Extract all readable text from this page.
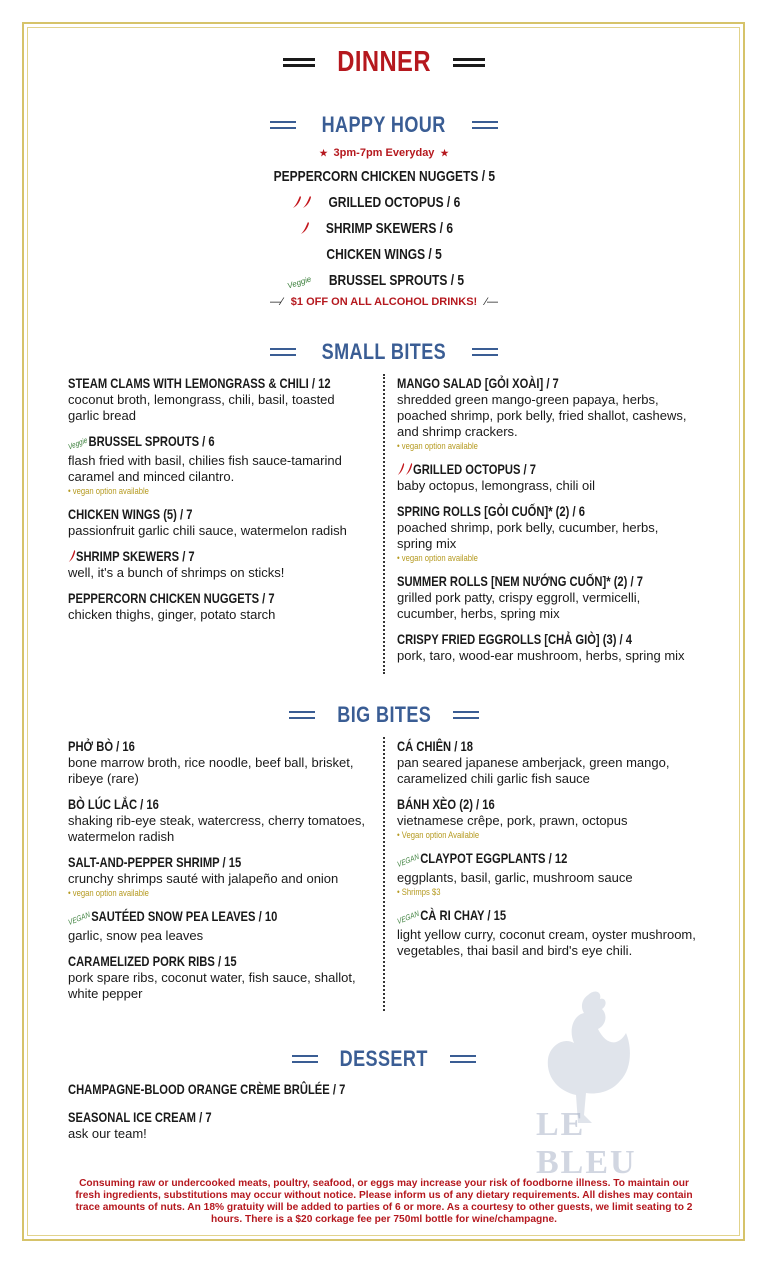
DINNER
HAPPY HOUR
★ 3pm-7pm Everyday ★
PEPPERCORN CHICKEN NUGGETS / 5
GRILLED OCTOPUS / 6
SHRIMP SKEWERS / 6
CHICKEN WINGS / 5
Veggie BRUSSEL SPROUTS / 5
—⁄ $1 OFF ON ALL ALCOHOL DRINKS! ⁄—
SMALL BITES
STEAM CLAMS WITH LEMONGRASS & CHILI / 12
coconut broth, lemongrass, chili, basil, toasted garlic bread
VeggieBRUSSEL SPROUTS / 6
flash fried with basil, chilies fish sauce-tamarind caramel and minced cilantro.
• vegan option available
CHICKEN WINGS (5) / 7
passionfruit garlic chili sauce, watermelon radish
SHRIMP SKEWERS / 7
well, it's a bunch of shrimps on sticks!
PEPPERCORN CHICKEN NUGGETS / 7
chicken thighs, ginger, potato starch
MANGO SALAD [GỎI XOÀI] / 7
shredded green mango-green papaya, herbs, poached shrimp, pork belly, fried shallot, cashews, and shrimp crackers.
• vegan option available
GRILLED OCTOPUS / 7
baby octopus, lemongrass, chili oil
SPRING ROLLS [GỎI CUỐN]* (2) / 6
poached shrimp, pork belly, cucumber, herbs, spring mix
• vegan option available
SUMMER ROLLS [NEM NƯỚNG CUỐN]* (2) / 7
grilled pork patty, crispy eggroll, vermicelli, cucumber, herbs, spring mix
CRISPY FRIED EGGROLLS [CHẢ GIÒ] (3) / 4
pork, taro, wood-ear mushroom, herbs, spring mix
BIG BITES
PHỞ BÒ / 16
bone marrow broth, rice noodle, beef ball, brisket, ribeye (rare)
BÒ LÚC LẮC / 16
shaking rib-eye steak, watercress, cherry tomatoes, watermelon radish
SALT-AND-PEPPER SHRIMP / 15
crunchy shrimps sauté with jalapeño and onion
• vegan option available
VEGANSAUTÉED SNOW PEA LEAVES / 10
garlic, snow pea leaves
CARAMELIZED PORK RIBS / 15
pork spare ribs, coconut water, fish sauce, shallot, white pepper
CÁ CHIÊN / 18
pan seared japanese amberjack, green mango, caramelized chili garlic fish sauce
BÁNH XÈO (2) / 16
vietnamese crêpe, pork, prawn, octopus
• Vegan option Available
VEGANCLAYPOT EGGPLANTS / 12
eggplants, basil, garlic, mushroom sauce
• Shrimps $3
VEGANCÀ RI CHAY / 15
light yellow curry, coconut cream, oyster mushroom, vegetables, thai basil and bird's eye chili.
DESSERT
CHAMPAGNE-BLOOD ORANGE CRÈME BRÛLÉE / 7
SEASONAL ICE CREAM / 7
ask our team!	LE BLEU
Consuming raw or undercooked meats, poultry, seafood, or eggs may increase your risk of foodborne illness. To maintain our fresh ingredients, substitutions may occur without notice. Please inform us of any dietary requirements. All dishes may contain trace amounts of nuts. An 18% gratuity will be added to parties of 6 or more. As a courtesy to other guests, we limit seating to 2 hours. There is a $20 corkage fee per 750ml bottle for wine/champagne.
